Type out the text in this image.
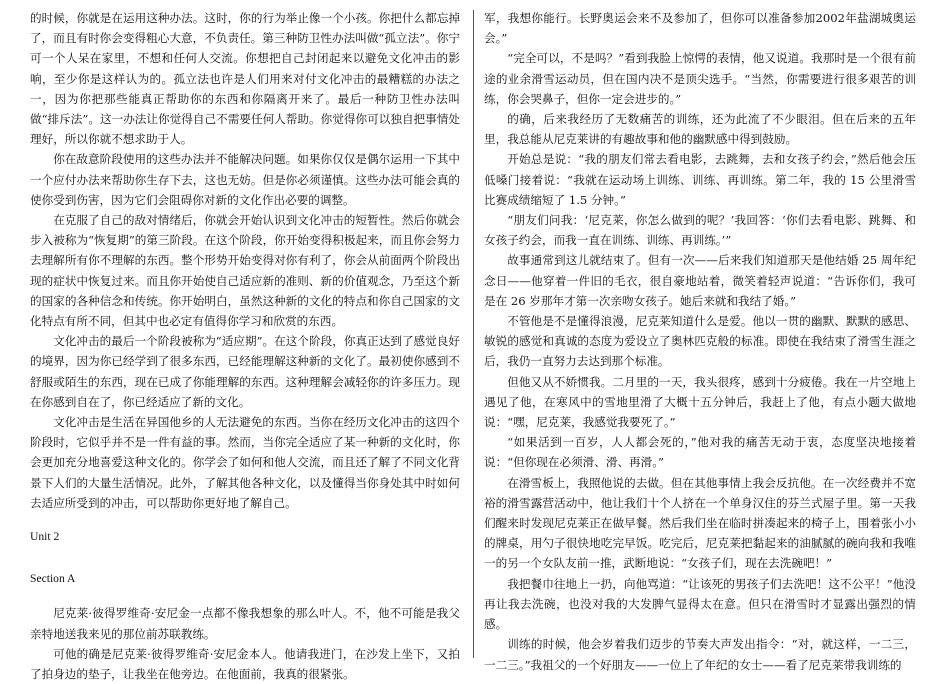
的时候，你就是在运用这种办法。这时，你的行为举止像一个小孩。你把什么都忘掉了，而且有时你会变得粗心大意，不负责任。第三种防卫性办法叫做“孤立法”。你宁可一个人呆在家里，不想和任何人交流。你想把自己封闭起来以避免文化冲击的影响，至少你是这样认为的。孤立法也许是人们用来对付文化冲击的最糟糕的办法之一，因为你把那些能真正帮助你的东西和你隔离开来了。最后一种防卫性办法叫做“排斥法”。这一办法让你觉得自己不需要任何人帮助。你觉得你可以独自把事情处理好，所以你就不想求助于人。

你在敌意阶段使用的这些办法并不能解决问题。如果你仅仅是偶尔运用一下其中一个应付办法来帮助你生存下去，这也无妨。但是你必须谨慎。这些办法可能会真的使你受到伤害，因为它们会阻碍你对新的文化作出必要的调整。

在克服了自己的敌对情绪后，你就会开始认识到文化冲击的短暂性。然后你就会步入被称为“恢复期”的第三阶段。在这个阶段，你开始变得积极起来，而且你会努力去理解所有你不理解的东西。整个形势开始变得对你有利了，你会从前面两个阶段出现的症状中恢复过来。而且你开始使自己适应新的准则、新的价值观念，乃至这个新的国家的各种信念和传统。你开始明白，虽然这种新的文化的特点和你自己国家的文化特点有所不同，但其中也必定有值得你学习和欣赏的东西。

文化冲击的最后一个阶段被称为“适应期”。在这个阶段，你真正达到了感觉良好的境界，因为你已经学到了很多东西，已经能理解这种新的文化了。最初使你感到不舒服或陌生的东西，现在已成了你能理解的东西。这种理解会减轻你的许多压力。现在你感到自在了，你已经适应了新的文化。

文化冲击是生活在异国他乡的人无法避免的东西。当你在经历文化冲击的这四个阶段时，它似乎并不是一件有益的事。然而，当你完全适应了某一种新的文化时，你会更加充分地喜爱这种文化的。你学会了如何和他人交流，而且还了解了不同文化背景下人们的大量生活情况。此外，了解其他各种文化，以及懂得当你身处其中时如何去适应所受到的冲击，可以帮助你更好地了解自己。

Unit 2

Section A

尼克莱·彼得罗维奇·安尼金一点都不像我想象的那么叶人。不，他不可能是我父亲特地送我来见的那位前苏联教练。

可他的确是尼克莱·彼得罗维奇·安尼金本人。他请我进门，在沙发上坐下，又拍了拍身边的垫子，让我坐在他旁边。在他面前，我真的很紧张。

军，我想你能行。长野奥运会来不及参加了，但你可以准备参加2002年盐湖城奥运会。”

“完全可以，不是吗？”看到我脸上惊愕的表情，他又说道。我那时是一个很有前途的业余滑雪运动员，但在国内决不是顶尖选手。“当然，你需要进行很多艰苦的训练，你会哭鼻子，但你一定会进步的。”

的确，后来我经历了无数痛苦的训练，还为此流了不少眼泪。但在后来的五年里，我总能从尼克莱讲的有趣故事和他的幽默感中得到鼓励。

开始总是说：“我的朋友们常去看电影，去跳舞，去和女孩子约会，”然后他会压低嗓门接着说：“我就在运动场上训练、训练、再训练。第二年，我的 15 公里滑雪比赛成绩缩短了 1.5 分钟。”

“朋友们问我：‘尼克莱，你怎么做到的呢？’我回答：‘你们去看电影、跳舞、和女孩子约会，而我一直在训练、训练、再训练。’”

故事通常到这儿就结束了。但有一次——后来我们知道那天是他结婚 25 周年纪念日——他穿着一件旧的毛衣，很自豪地站着，微笑着轻声说道：“告诉你们，我可是在 26 岁那年才第一次亲吻女孩子。她后来就和我结了婚。”

不管他是不是懂得浪漫，尼克莱知道什么是爱。他以一贯的幽默、默默的感思、敏锐的感觉和真诚的态度为爱设立了奥林匹克般的标准。即使在我结束了滑雪生涯之后，我仍一直努力去达到那个标准。

但他又从不娇惯我。二月里的一天，我头很疼，感到十分疲倦。我在一片空地上遇见了他，在寒风中的雪地里滑了大概十五分钟后，我赶上了他，有点小题大做地说：“嘿，尼克莱，我感觉我要死了。”

“如果活到一百岁，人人都会死的，”他对我的痛苦无动于衷，态度坚决地接着说：“但你现在必须滑、滑、再滑。”

在滑雪板上，我照他说的去做。但在其他事情上我会反抗他。在一次经费并不宽裕的滑雪露营活动中，他让我们十个人挤在一个单身汉住的芬兰式屋子里。第一天我们醒来时发现尼克莱正在做早餐。然后我们坐在临时拼凑起来的椅子上，围着张小小的牌桌，用勺子很快地吃完早饭。吃完后，尼克莱把黏起来的油腻腻的碗向我和我唯一的另一个女队友前一推，武断地说：“女孩子们，现在去洗碗吧！”

我把餐巾往地上一扔，向他骂道：“让该死的男孩子们去洗吧！这不公平！”他没再让我去洗碗，也没对我的大发脾气显得太在意。但只在滑雪时才显露出强烈的情感。

训练的时候，他会岁着我们迈步的节奏大声发出指令：“对，就这样，一二三，一二三。”我祖父的一个好朋友——一位上了年纪的女士——看了尼克莱带我训练的
